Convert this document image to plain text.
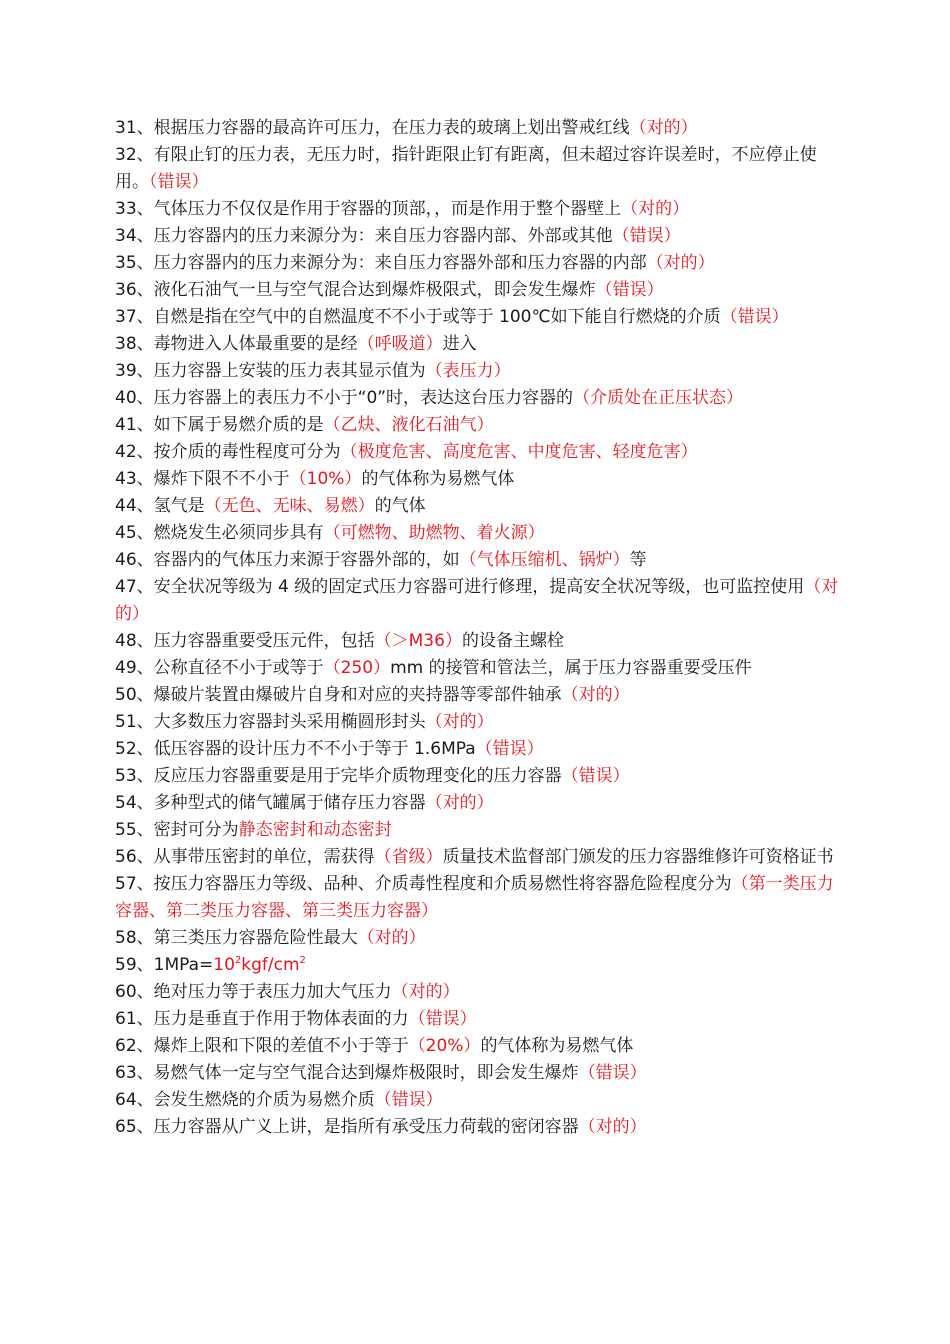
31、根据压力容器的最高许可压力，在压力表的玻璃上划出警戒红线（对的）

32、有限止钉的压力表，无压力时，指针距限止钉有距离，但未超过容许误差时，不应停止使用。（错误）

33、气体压力不仅仅是作用于容器的顶部，，而是作用于整个器壁上（对的）

34、压力容器内的压力来源分为：来自压力容器内部、外部或其他（错误）

35、压力容器内的压力来源分为：来自压力容器外部和压力容器的内部（对的）

36、液化石油气一旦与空气混合达到爆炸极限式，即会发生爆炸（错误）

37、自燃是指在空气中的自燃温度不不小于或等于 100℃如下能自行燃烧的介质（错误）

38、毒物进入人体最重要的是经（呼吸道）进入

39、压力容器上安装的压力表其显示值为（表压力）

40、压力容器上的表压力不小于“0”时，表达这台压力容器的（介质处在正压状态）

41、如下属于易燃介质的是（乙炔、液化石油气）

42、按介质的毒性程度可分为（极度危害、高度危害、中度危害、轻度危害）

43、爆炸下限不不小于（10%）的气体称为易燃气体

44、氢气是（无色、无味、易燃）的气体

45、燃烧发生必须同步具有（可燃物、助燃物、着火源）

46、容器内的气体压力来源于容器外部的，如（气体压缩机、锅炉）等

47、安全状况等级为 4 级的固定式压力容器可进行修理，提高安全状况等级，也可监控使用（对的）

48、压力容器重要受压元件，包括（＞M36）的设备主螺栓

49、公称直径不小于或等于（250）mm 的接管和管法兰，属于压力容器重要受压件

50、爆破片装置由爆破片自身和对应的夹持器等零部件轴承（对的）

51、大多数压力容器封头采用椭圆形封头（对的）

52、低压容器的设计压力不不小于等于 1.6MPa（错误）

53、反应压力容器重要是用于完毕介质物理变化的压力容器（错误）

54、多种型式的储气罐属于储存压力容器（对的）

55、密封可分为静态密封和动态密封

56、从事带压密封的单位，需获得（省级）质量技术监督部门颁发的压力容器维修许可资格证书

57、按压力容器压力等级、品种、介质毒性程度和介质易燃性将容器危险程度分为（第一类压力容器、第二类压力容器、第三类压力容器）

58、第三类压力容器危险性最大（对的）

59、$1MPa=10^2kgf/cm^2$

60、绝对压力等于表压力加大气压力（对的）

61、压力是垂直于作用于物体表面的力（错误）

62、爆炸上限和下限的差值不小于等于（20%）的气体称为易燃气体

63、易燃气体一定与空气混合达到爆炸极限时，即会发生爆炸（错误）

64、会发生燃烧的介质为易燃介质（错误）

65、压力容器从广义上讲，是指所有承受压力荷载的密闭容器（对的）
